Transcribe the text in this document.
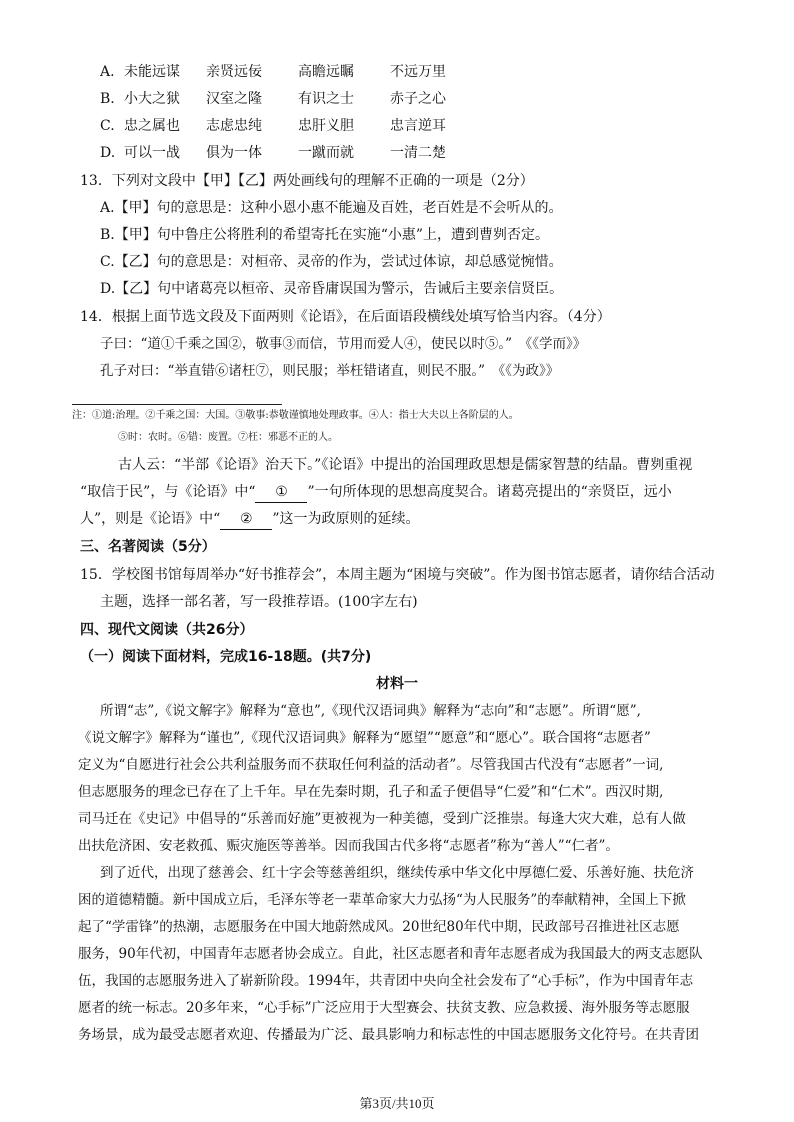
A. 未能远谋 亲贤远佞	高瞻远瞩	不远万里
B. 小大之狱 汉室之隆	有识之士	赤子之心
C. 忠之属也 志虑忠纯	忠肝义胆	忠言逆耳
D. 可以一战 俱为一体	一蹴而就	一清二楚
13．下列对文段中【甲】【乙】两处画线句的理解不正确的一项是（2分）
A.【甲】句的意思是：这种小恩小惠不能遍及百姓，老百姓是不会听从的。
B.【甲】句中鲁庄公将胜利的希望寄托在实施“小惠”上，遭到曹刿否定。
C.【乙】句的意思是：对桓帝、灵帝的作为，尝试过体谅，却总感觉惋惜。
D.【乙】句中诸葛亮以桓帝、灵帝昏庸误国为警示，告诫后主要亲信贤臣。
14．根据上面节选文段及下面两则《论语》，在后面语段横线处填写恰当内容。（4分）
子曰：“道①千乘之国②，敬事③而信，节用而爱人④，使民以时⑤。”　《《学而》》
孔子对曰：“举直错⑥诸枉⑦，则民服；举枉错诸直，则民不服。”　《《为政》》
注：①道:治理。②千乘之国：大国。③敬事:恭敬谨慎地处理政事。④人：指士大夫以上各阶层的人。
⑤时：农时。⑥错：废置。⑦枉：邪恶不正的人。
古人云：“半部《论语》治天下。”《论语》中提出的治国理政思想是儒家智慧的结晶。曹刿重视
“取信于民”，与《论语》中“ ① ”一句所体现的思想高度契合。诸葛亮提出的“亲贤臣，远小
人”，则是《论语》中“ ② ”这一为政原则的延续。
三、名著阅读（5分）
15．学校图书馆每周举办“好书推荐会”，本周主题为“困境与突破”。作为图书馆志愿者，请你结合活动
主题，选择一部名著，写一段推荐语。(100字左右)
四、现代文阅读（共26分）
（一）阅读下面材料，完成16-18题。(共7分)
材料一
所谓“志”,《说文解字》解释为“意也”,《现代汉语词典》解释为“志向”和“志愿”。所谓“愿”,
《说文解字》解释为“谨也”,《现代汉语词典》解释为“愿望”“愿意”和“愿心”。联合国将“志愿者”
定义为“自愿进行社会公共利益服务而不获取任何利益的活动者”。尽管我国古代没有“志愿者”一词,
但志愿服务的理念已存在了上千年。早在先秦时期，孔子和孟子便倡导“仁爱”和“仁术”。西汉时期,
司马迁在《史记》中倡导的“乐善而好施”更被视为一种美德，受到广泛推崇。每逢大灾大难，总有人做
出扶危济困、安老救孤、赈灾施医等善举。因而我国古代多将“志愿者”称为“善人”“仁者”。
到了近代，出现了慈善会、红十字会等慈善组织，继续传承中华文化中厚德仁爱、乐善好施、扶危济
困的道德精髓。新中国成立后，毛泽东等老一辈革命家大力弘扬“为人民服务”的奉献精神，全国上下掀
起了“学雷锋”的热潮，志愿服务在中国大地蔚然成风。20世纪80年代中期，民政部号召推进社区志愿
服务，90年代初，中国青年志愿者协会成立。自此，社区志愿者和青年志愿者成为我国最大的两支志愿队
伍，我国的志愿服务进入了崭新阶段。1994年，共青团中央向全社会发布了“心手标”，作为中国青年志
愿者的统一标志。20多年来，“心手标”广泛应用于大型赛会、扶贫支教、应急救援、海外服务等志愿服
务场景，成为最受志愿者欢迎、传播最为广泛、最具影响力和标志性的中国志愿服务文化符号。在共青团
第3页/共10页
